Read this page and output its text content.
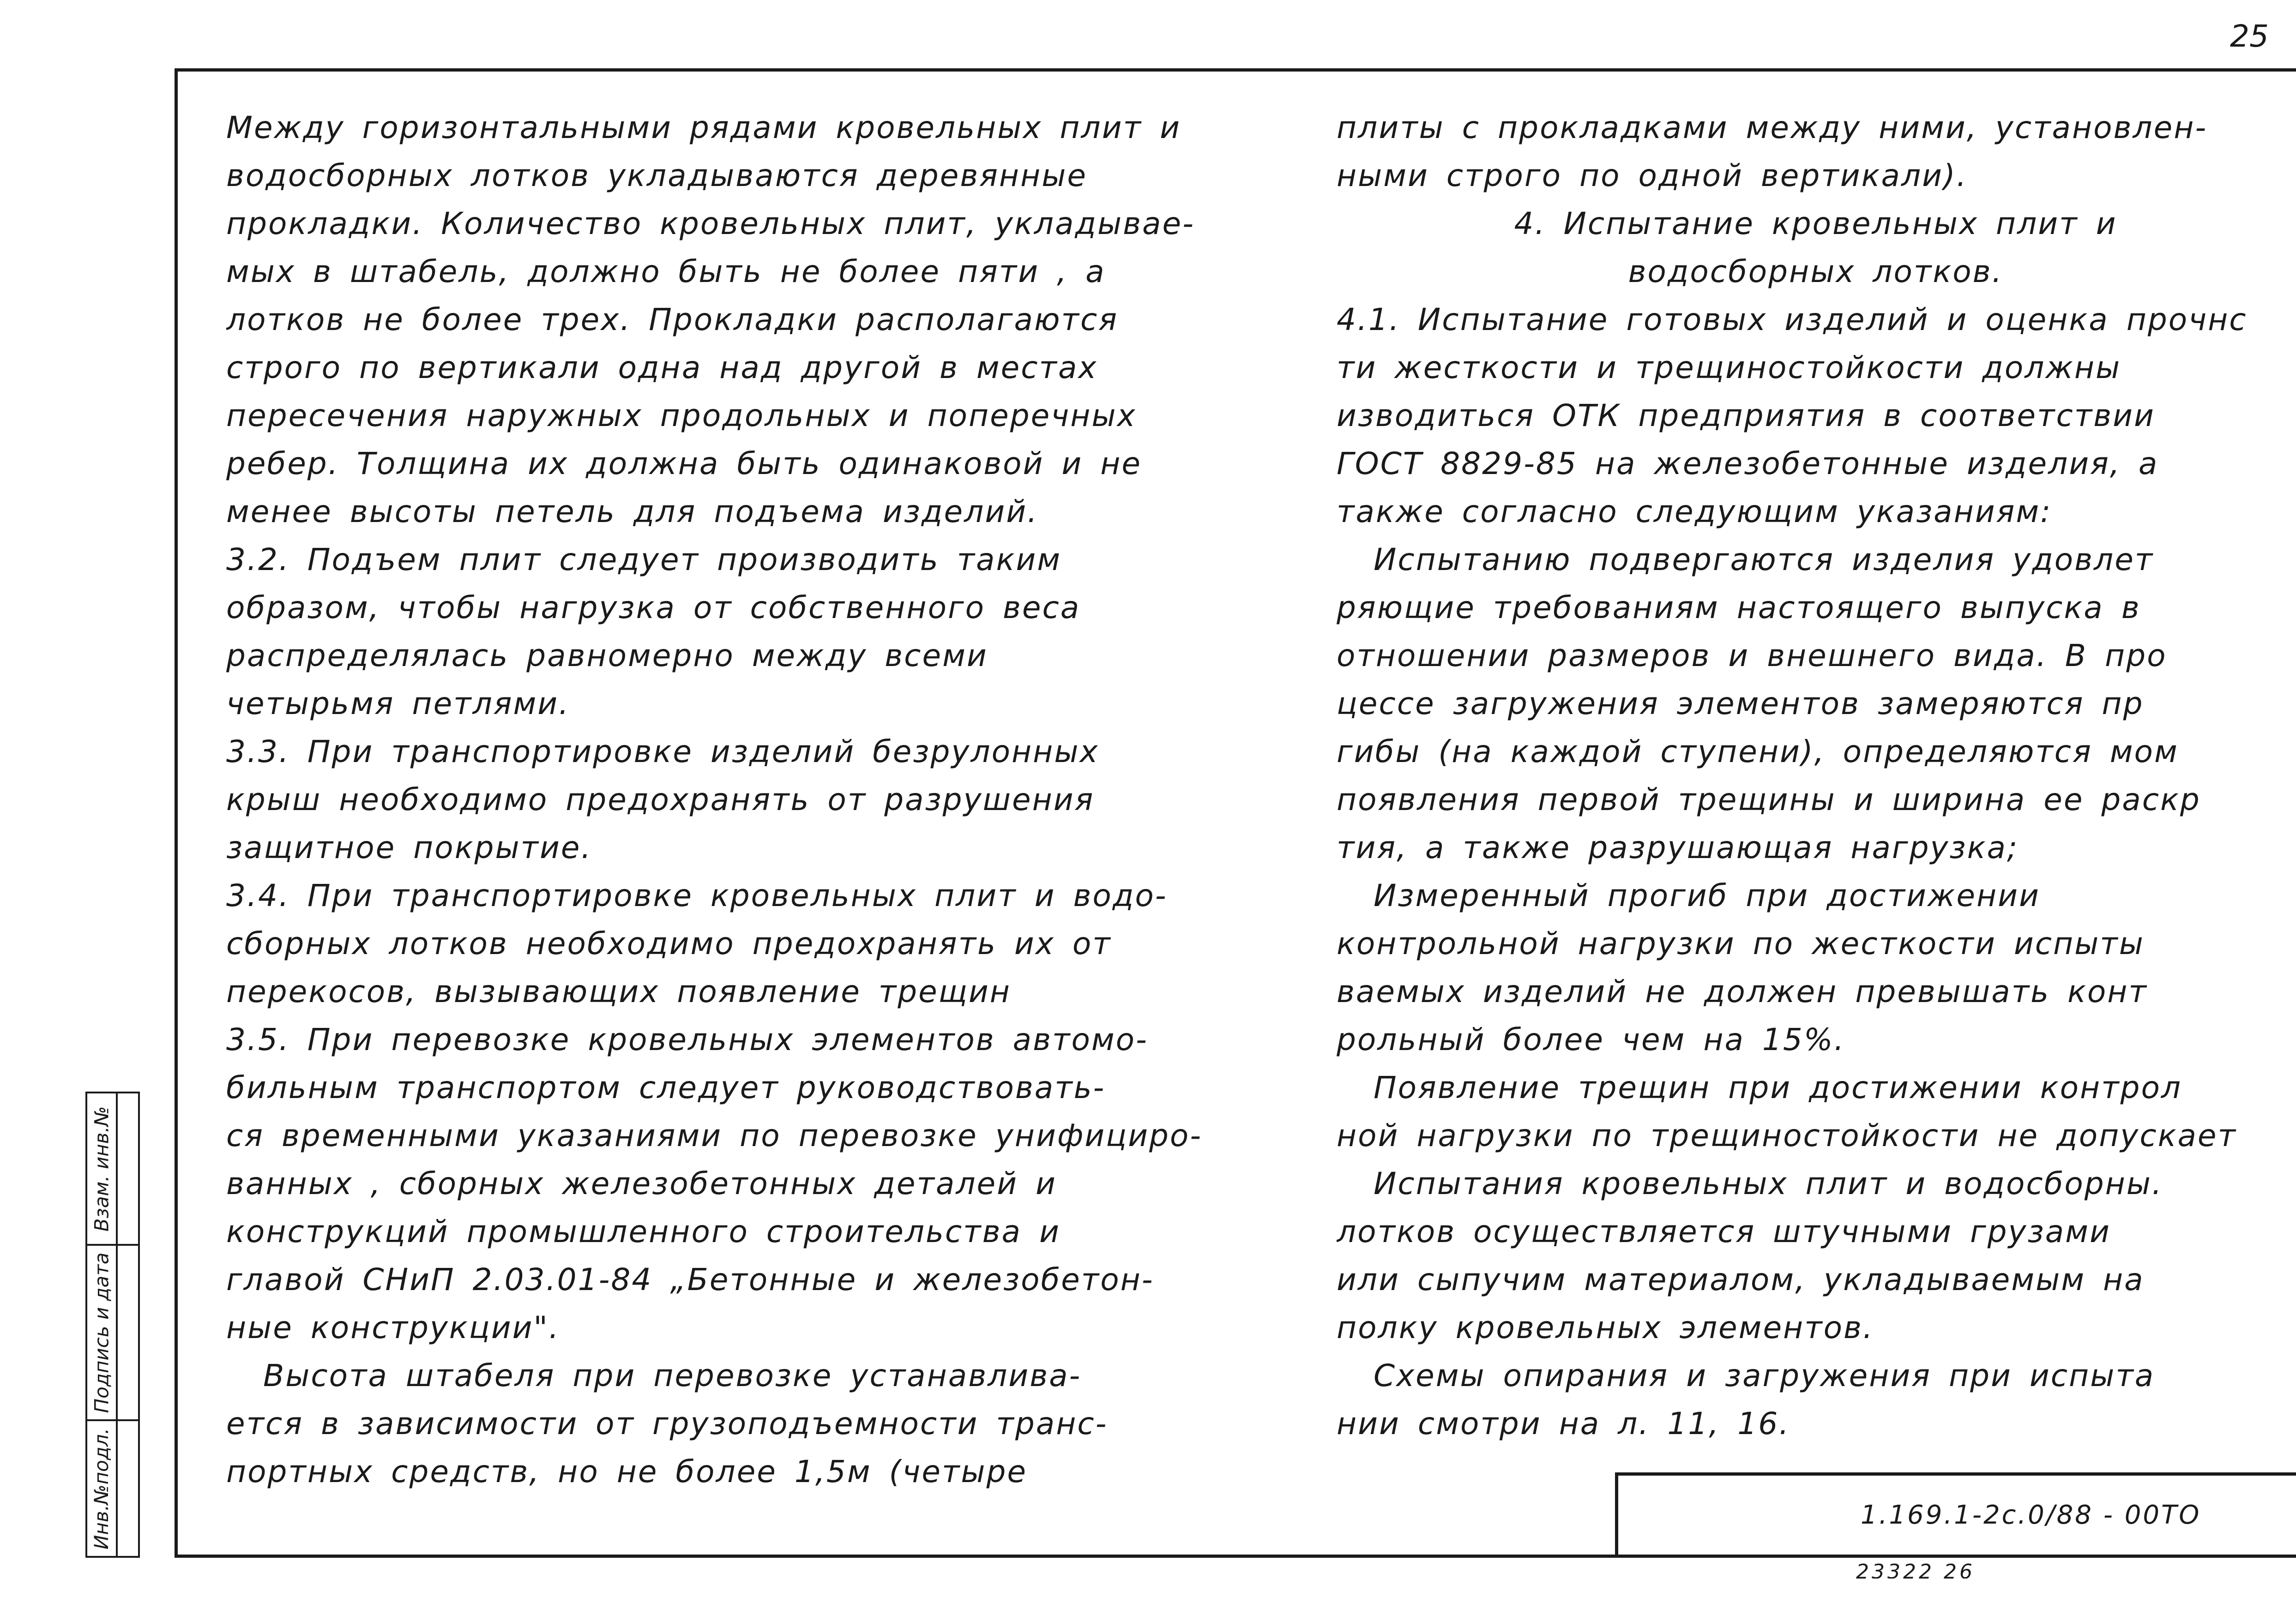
25
Между горизонтальными рядами кровельных плит и
водосборных лотков укладываются деревянные
прокладки. Количество кровельных плит, укладывае-
мых в штабель, должно быть не более пяти , а
лотков не более трех. Прокладки располагаются
строго по вертикали одна над другой в местах
пересечения наружных продольных и поперечных
ребер. Толщина их должна быть одинаковой и не
менее высоты петель для подъема изделий.
3.2. Подъем плит следует производить таким
образом, чтобы нагрузка от собственного веса
распределялась равномерно между всеми
четырьмя петлями.
3.3. При транспортировке изделий безрулонных
крыш необходимо предохранять от разрушения
защитное покрытие.
3.4. При транспортировке кровельных плит и водо-
сборных лотков необходимо предохранять их от
перекосов, вызывающих появление трещин
3.5. При перевозке кровельных элементов автомо-
бильным транспортом следует руководствовать-
ся временными указаниями по перевозке унифициро-
ванных , сборных железобетонных деталей и
конструкций промышленного строительства и
главой СНиП 2.03.01-84 „Бетонные и железобетон-
ные конструкции".
Высота штабеля при перевозке устанавлива-
ется в зависимости от грузоподъемности транс-
портных средств, но не более 1,5м (четыре
плиты с прокладками между ними, установлен-
ными строго по одной вертикали).
4. Испытание кровельных плит и
водосборных лотков.
4.1. Испытание готовых изделий и оценка прочнс
ти жесткости и трещиностойкости должны
изводиться ОТК предприятия в соответствии
ГОСТ 8829-85 на железобетонные изделия, а
также согласно следующим указаниям:
Испытанию подвергаются изделия удовлет
ряющие требованиям настоящего выпуска в
отношении размеров и внешнего вида. В про
цессе загружения элементов замеряются пр
гибы (на каждой ступени), определяются мом
появления первой трещины и ширина ее раскр
тия, а также разрушающая нагрузка;
Измеренный прогиб при достижении
контрольной нагрузки по жесткости испыты
ваемых изделий не должен превышать конт
рольный более чем на 15%.
Появление трещин при достижении контрол
ной нагрузки по трещиностойкости не допускает
Испытания кровельных плит и водосборны.
лотков осуществляется штучными грузами
или сыпучим материалом, укладываемым на
полку кровельных элементов.
Схемы опирания и загружения при испыта
нии смотри на л. 11, 16.
Взам. инв.№
Подпись и дата
Инв.№подл.	1.169.1-2с.0/88 - 00ТО
23322 26
